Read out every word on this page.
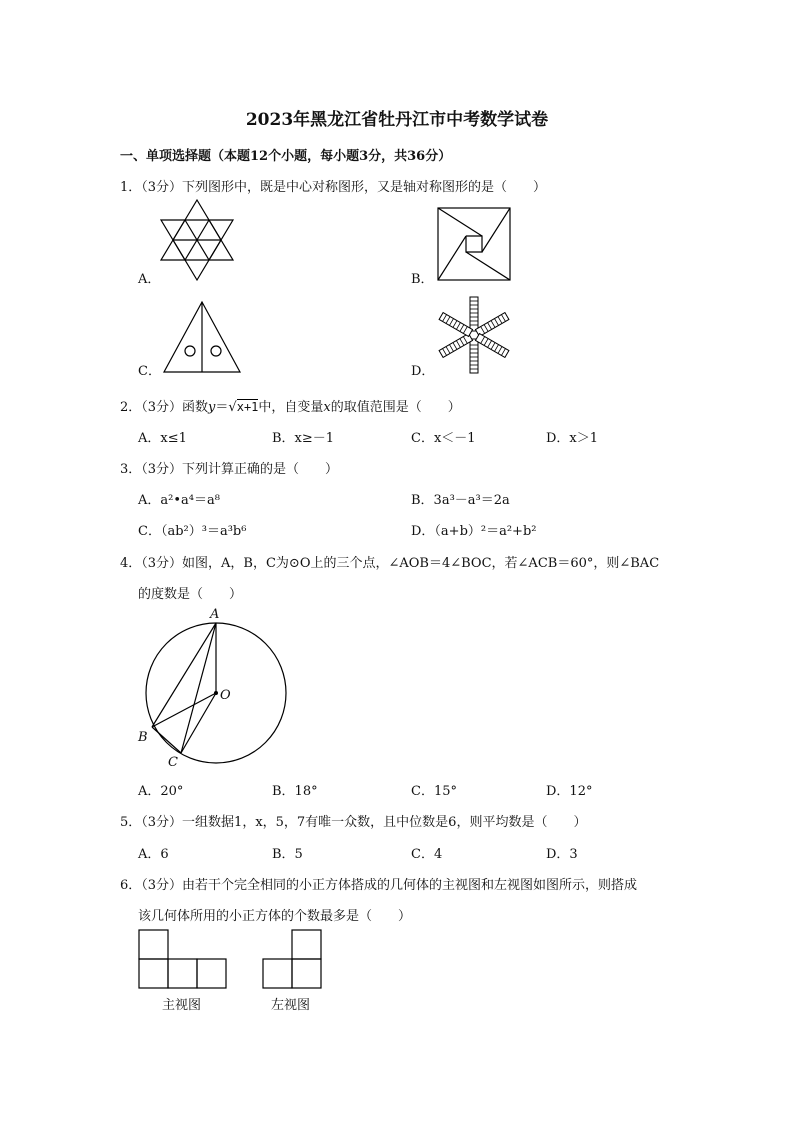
2023年黑龙江省牡丹江市中考数学试卷
一、单项选择题（本题12个小题，每小题3分，共36分）
1．（3分）下列图形中，既是中心对称图形，又是轴对称图形的是（　　）
A．	B．
C．	D．
2．（3分）函数y＝√x+1中，自变量x的取值范围是（　　）
A．x≤1	B．x≥－1	C．x＜－1	D．x＞1
3．（3分）下列计算正确的是（　　）
A．a²•a⁴＝a⁸	B．3a³－a³＝2a
C．（ab²）³＝a³b⁶	D．（a+b）²＝a²+b²
4．（3分）如图，A，B，C为⊙O上的三个点，∠AOB＝4∠BOC，若∠ACB＝60°，则∠BAC
的度数是（　　）
A
O
B
C
A．20°	B．18°	C．15°	D．12°
5．（3分）一组数据1，x，5，7有唯一众数，且中位数是6，则平均数是（　　）
A．6	B．5	C．4	D．3
6．（3分）由若干个完全相同的小正方体搭成的几何体的主视图和左视图如图所示，则搭成
该几何体所用的小正方体的个数最多是（　　）
主视图	左视图
